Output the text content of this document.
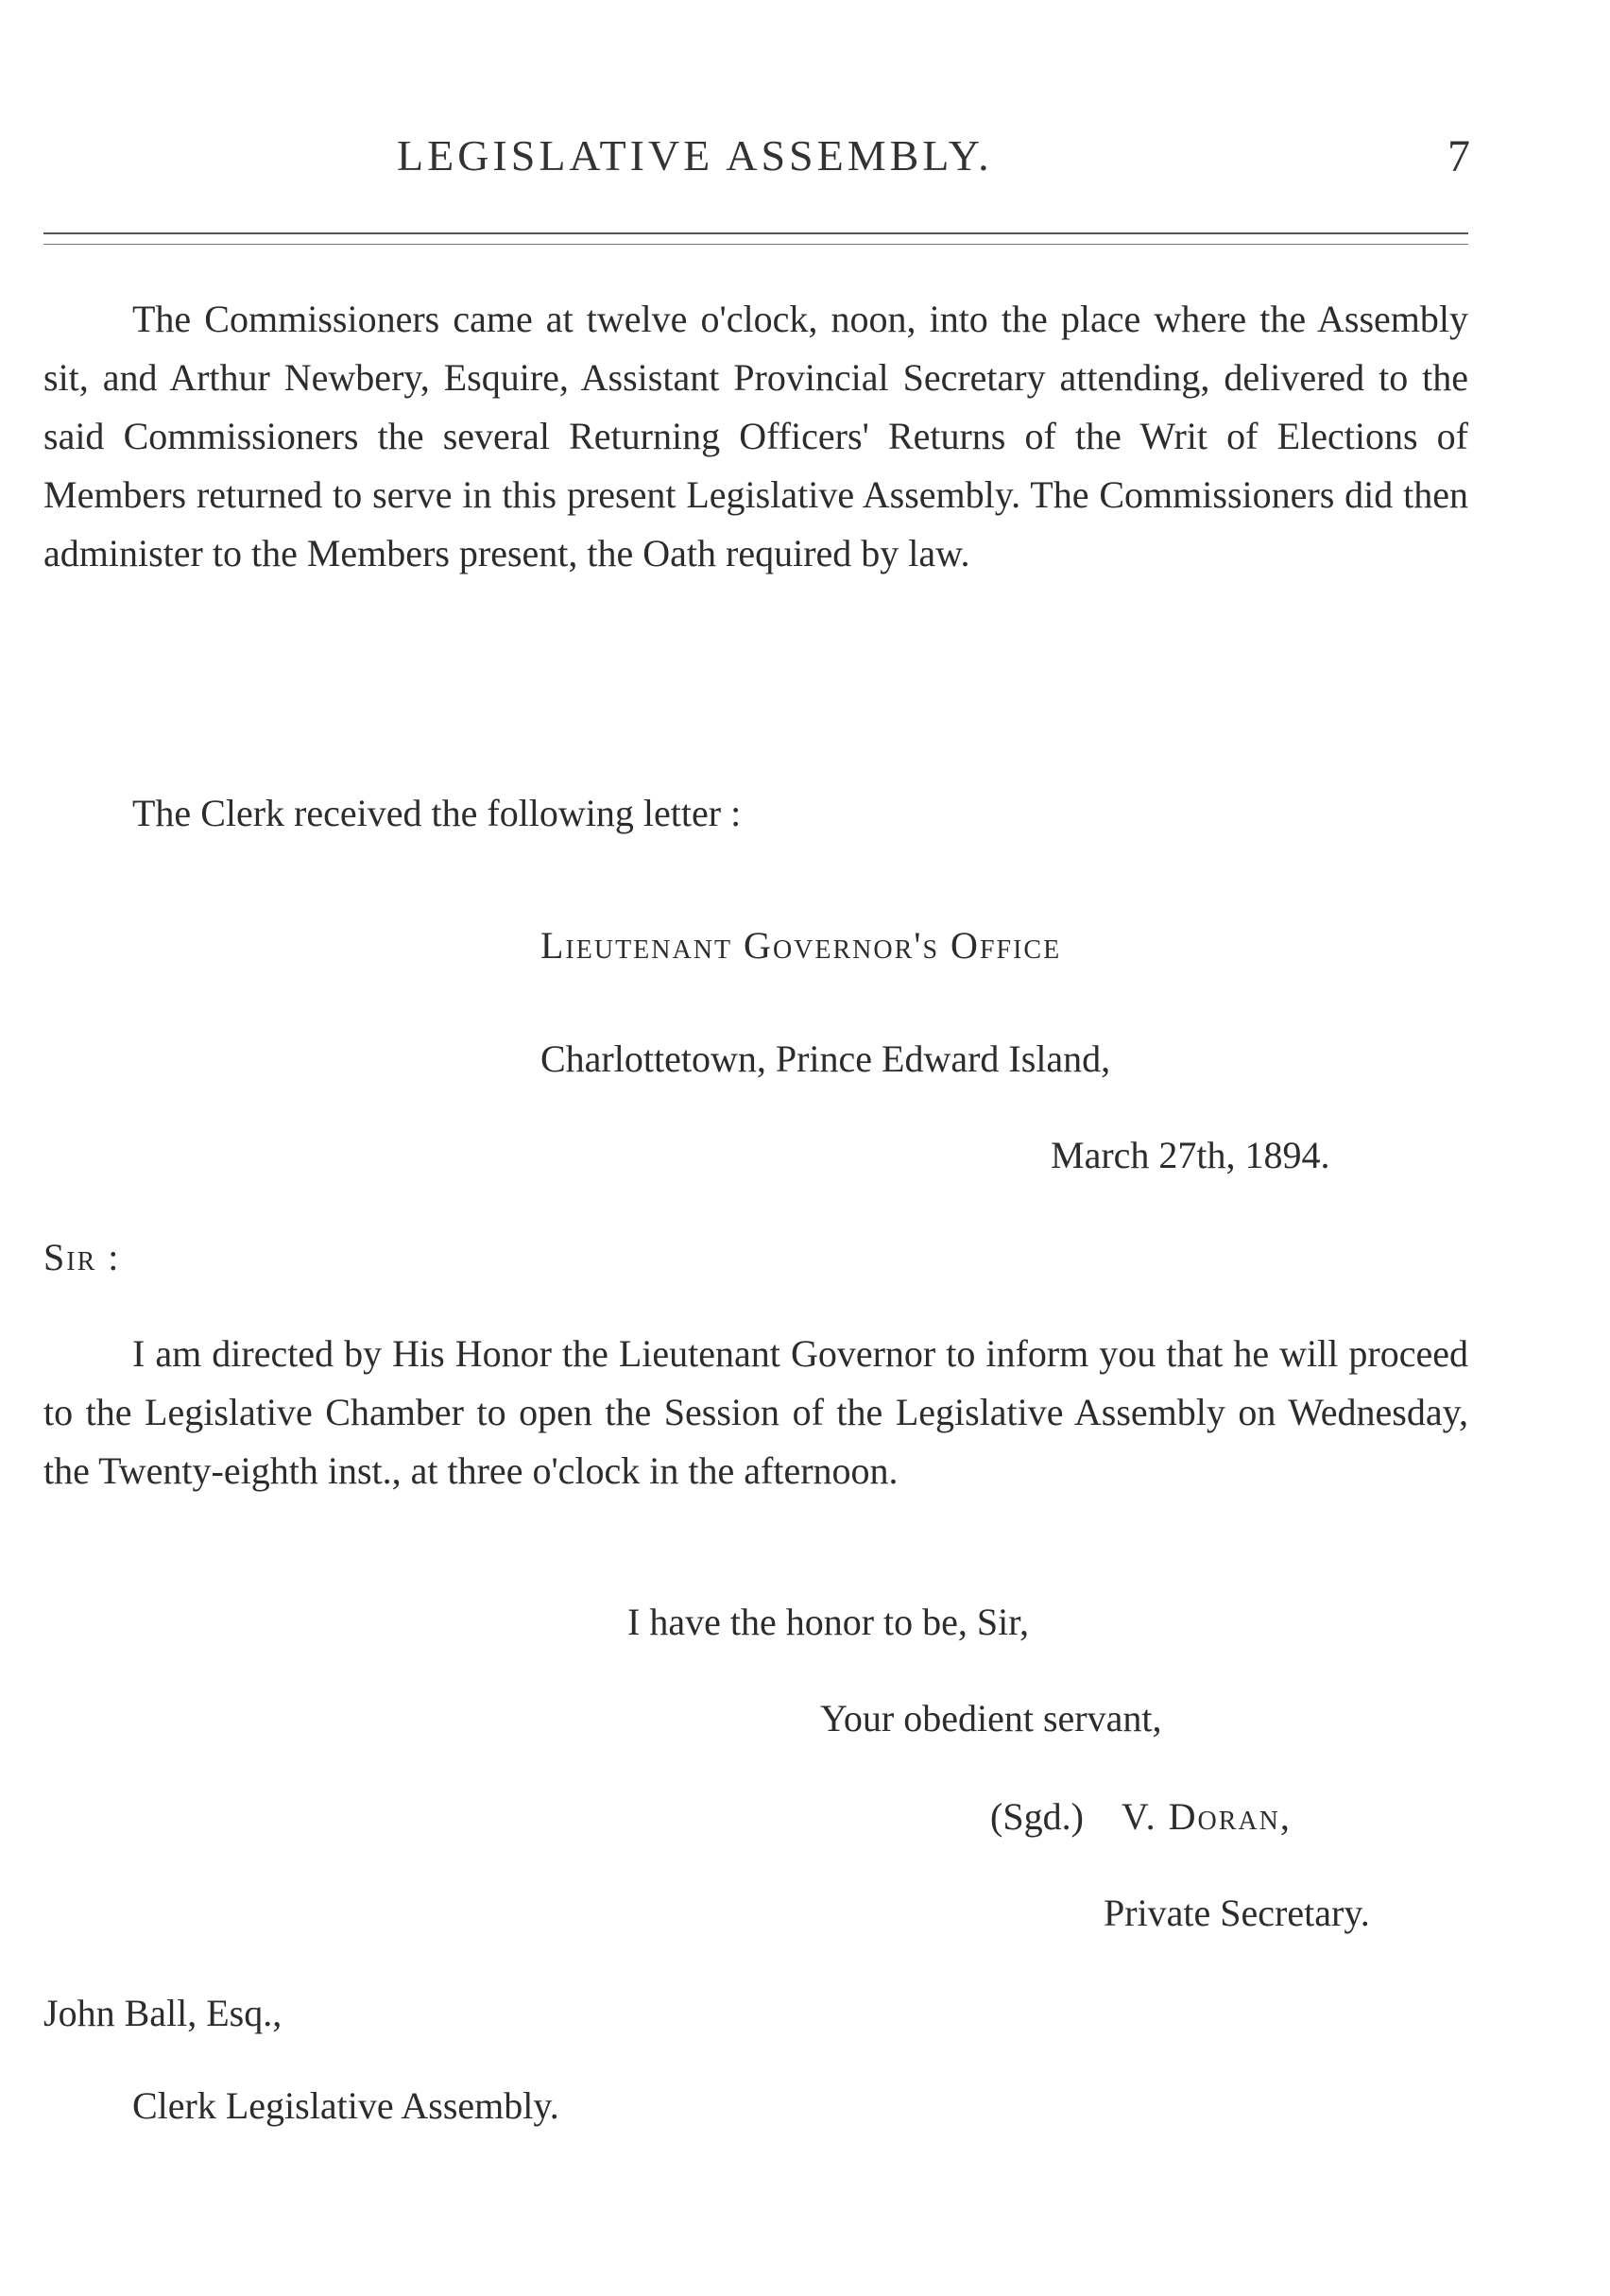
LEGISLATIVE ASSEMBLY.	7

The Commissioners came at twelve o'clock, noon, into the place where the Assembly sit, and Arthur Newbery, Esquire, Assistant Provincial Secretary attending, delivered to the said Commissioners the several Returning Officers' Returns of the Writ of Elections of Members returned to serve in this present Legislative Assembly. The Commissioners did then administer to the Members present, the Oath required by law.

The Clerk received the following letter :

Lieutenant Governor's Office
Charlottetown, Prince Edward Island,
March 27th, 1894.
Sir :

I am directed by His Honor the Lieutenant Governor to inform you that he will proceed to the Legislative Chamber to open the Session of the Legislative Assembly on Wednesday, the Twenty-eighth inst., at three o'clock in the afternoon.

I have the honor to be, Sir,
Your obedient servant,
(Sgd.) V. Doran,
Private Secretary.
John Ball, Esq.,
Clerk Legislative Assembly.
